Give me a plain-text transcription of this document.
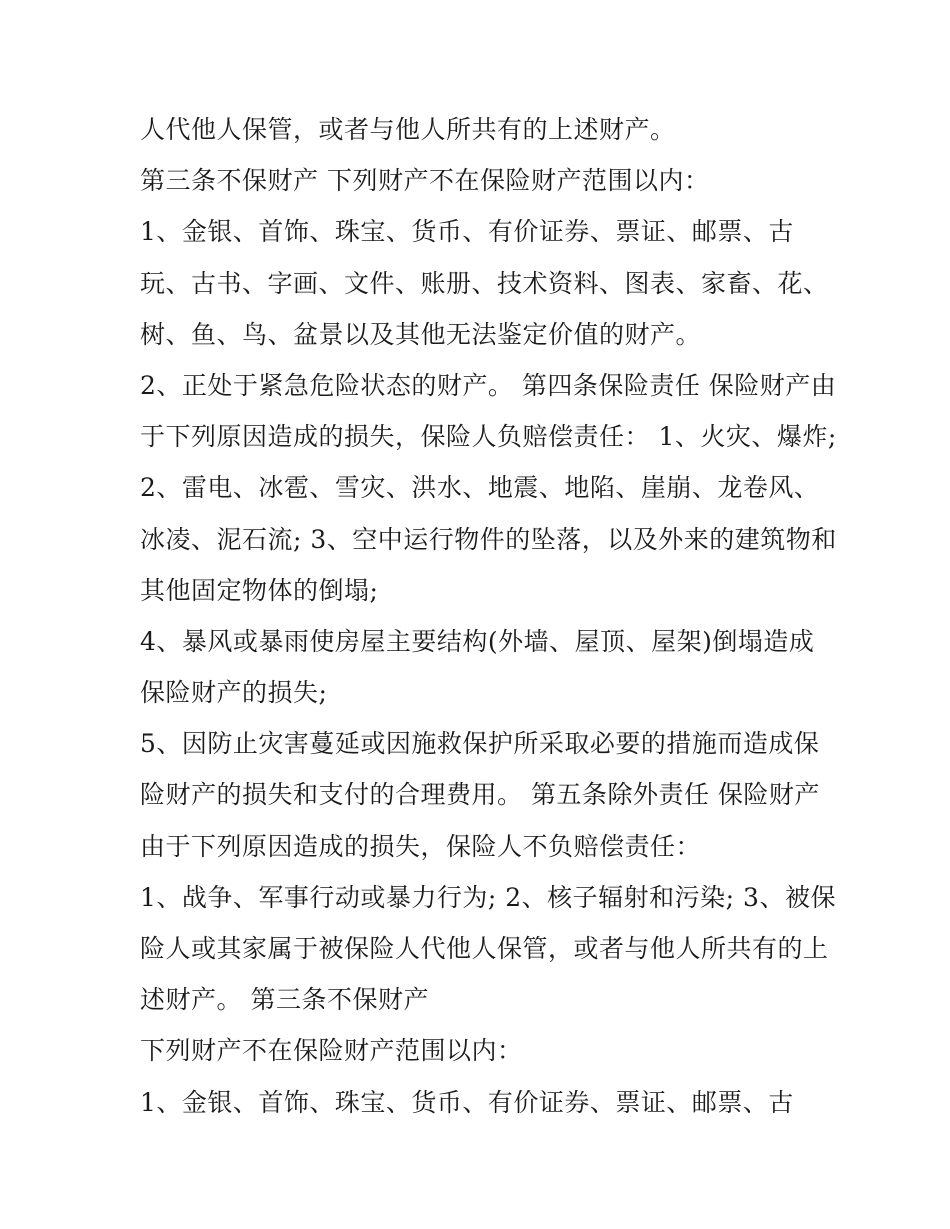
人代他人保管，或者与他人所共有的上述财产。
第三条不保财产 下列财产不在保险财产范围以内：
1、金银、首饰、珠宝、货币、有价证券、票证、邮票、古
玩、古书、字画、文件、账册、技术资料、图表、家畜、花、
树、鱼、鸟、盆景以及其他无法鉴定价值的财产。
2、正处于紧急危险状态的财产。 第四条保险责任 保险财产由
于下列原因造成的损失，保险人负赔偿责任： 1、火灾、爆炸;
2、雷电、冰雹、雪灾、洪水、地震、地陷、崖崩、龙卷风、
冰凌、泥石流; 3、空中运行物件的坠落，以及外来的建筑物和
其他固定物体的倒塌;
4、暴风或暴雨使房屋主要结构(外墙、屋顶、屋架)倒塌造成
保险财产的损失;
5、因防止灾害蔓延或因施救保护所采取必要的措施而造成保
险财产的损失和支付的合理费用。 第五条除外责任 保险财产
由于下列原因造成的损失，保险人不负赔偿责任：
1、战争、军事行动或暴力行为; 2、核子辐射和污染; 3、被保
险人或其家属于被保险人代他人保管，或者与他人所共有的上
述财产。 第三条不保财产
下列财产不在保险财产范围以内：
1、金银、首饰、珠宝、货币、有价证券、票证、邮票、古
